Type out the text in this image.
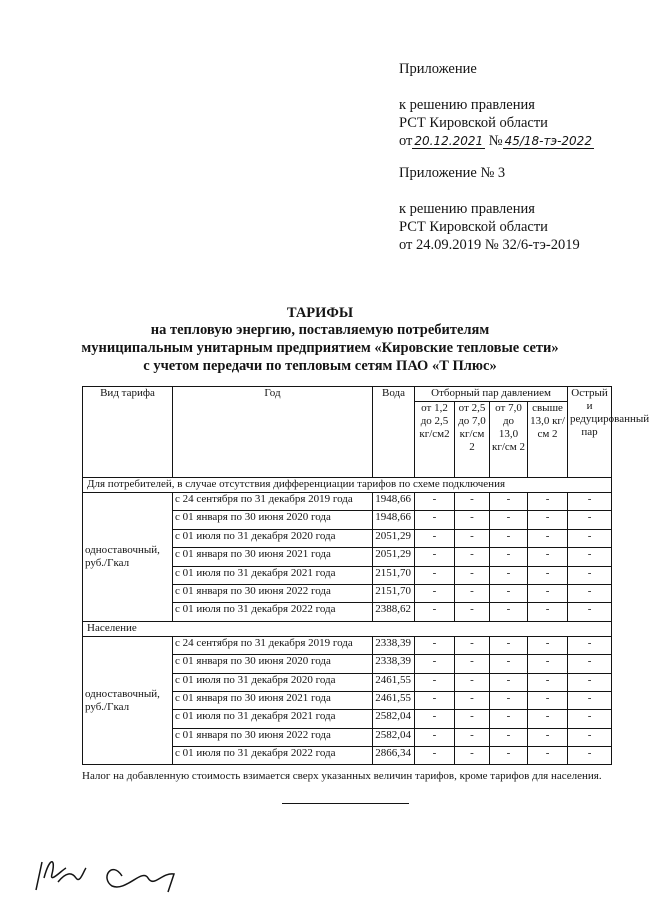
Приложение
к решению правления
РСТ Кировской области
от 20.12.2021 № 45/18-тэ-2022
Приложение № 3
к решению правления
РСТ Кировской области
от 24.09.2019 № 32/6-тэ-2019
ТАРИФЫ
на тепловую энергию, поставляемую потребителям
муниципальным унитарным предприятием «Кировские тепловые сети»
с учетом передачи по тепловым сетям ПАО «Т Плюс»
Вид тарифа	Год	Вода	Отборный пар давлением				Острый и редуцированный пар
			от 1,2 до 2,5 кг/см2	от 2,5 до 7,0 кг/см 2	от 7,0 до 13,0 кг/см 2	свыше 13,0 кг/см 2	
Для потребителей, в случае отсутствия дифференциации тарифов по схеме подключения							
одноставочный, руб./Гкал	с 24 сентября по 31 декабря 2019 года	1948,66	-	-	-	-	-
	с 01 января по 30 июня 2020 года	1948,66	-	-	-	-	-
	с 01 июля по 31 декабря 2020 года	2051,29	-	-	-	-	-
	с 01 января по 30 июня 2021 года	2051,29	-	-	-	-	-
	с 01 июля по 31 декабря 2021 года	2151,70	-	-	-	-	-
	с 01 января по 30 июня 2022 года	2151,70	-	-	-	-	-
	с 01 июля по 31 декабря 2022 года	2388,62	-	-	-	-	-
Население							
одноставочный, руб./Гкал	с 24 сентября по 31 декабря 2019 года	2338,39	-	-	-	-	-
	с 01 января по 30 июня 2020 года	2338,39	-	-	-	-	-
	с 01 июля по 31 декабря 2020 года	2461,55	-	-	-	-	-
	с 01 января по 30 июня 2021 года	2461,55	-	-	-	-	-
	с 01 июля по 31 декабря 2021 года	2582,04	-	-	-	-	-
	с 01 января по 30 июня 2022 года	2582,04	-	-	-	-	-
	с 01 июля по 31 декабря 2022 года	2866,34	-	-	-	-	-
Налог на добавленную стоимость взимается сверх указанных величин тарифов, кроме тарифов для населения.
